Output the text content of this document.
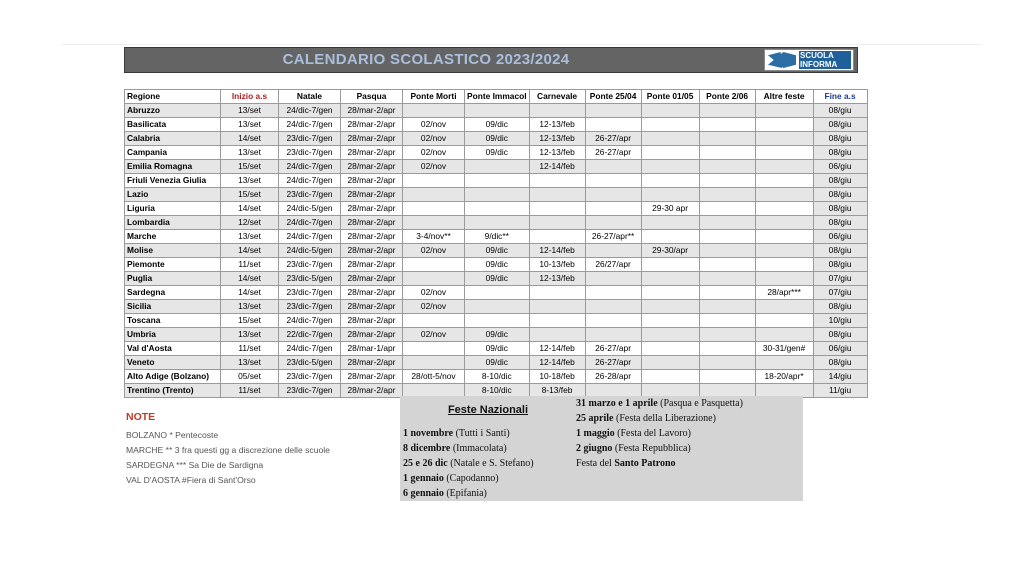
CALENDARIO SCOLASTICO 2023/2024	SCUOLA
INFORMA
Regione	Inizio a.s	Natale	Pasqua	Ponte Morti	Ponte Immacol	Carnevale	Ponte 25/04	Ponte 01/05	Ponte 2/06	Altre feste	Fine a.s
Abruzzo	13/set	24/dic-7/gen	28/mar-2/apr								08/giu
Basilicata	13/set	24/dic-7/gen	28/mar-2/apr	02/nov	09/dic	12-13/feb					08/giu
Calabria	14/set	23/dic-7/gen	28/mar-2/apr	02/nov	09/dic	12-13/feb	26-27/apr				08/giu
Campania	13/set	23/dic-7/gen	28/mar-2/apr	02/nov	09/dic	12-13/feb	26-27/apr				08/giu
Emilia Romagna	15/set	24/dic-7/gen	28/mar-2/apr	02/nov		12-14/feb					06/giu
Friuli Venezia Giulia	13/set	24/dic-7/gen	28/mar-2/apr								08/giu
Lazio	15/set	23/dic-7/gen	28/mar-2/apr								08/giu
Liguria	14/set	24/dic-5/gen	28/mar-2/apr					29-30 apr			08/giu
Lombardia	12/set	24/dic-7/gen	28/mar-2/apr								08/giu
Marche	13/set	24/dic-7/gen	28/mar-2/apr	3-4/nov**	9/dic**		26-27/apr**				06/giu
Molise	14/set	24/dic-5/gen	28/mar-2/apr	02/nov	09/dic	12-14/feb		29-30/apr			08/giu
Piemonte	11/set	23/dic-7/gen	28/mar-2/apr		09/dic	10-13/feb	26/27/apr				08/giu
Puglia	14/set	23/dic-5/gen	28/mar-2/apr		09/dic	12-13/feb					07/giu
Sardegna	14/set	23/dic-7/gen	28/mar-2/apr	02/nov						28/apr***	07/giu
Sicilia	13/set	23/dic-7/gen	28/mar-2/apr	02/nov							08/giu
Toscana	15/set	24/dic-7/gen	28/mar-2/apr								10/giu
Umbria	13/set	22/dic-7/gen	28/mar-2/apr	02/nov	09/dic						08/giu
Val d'Aosta	11/set	24/dic-7/gen	28/mar-1/apr		09/dic	12-14/feb	26-27/apr			30-31/gen#	06/giu
Veneto	13/set	23/dic-5/gen	28/mar-2/apr		09/dic	12-14/feb	26-27/apr				08/giu
Alto Adige (Bolzano)	05/set	23/dic-7/gen	28/mar-2/apr	28/ott-5/nov	8-10/dic	10-18/feb	26-28/apr			18-20/apr*	14/giu
Trentino (Trento)	11/set	23/dic-7/gen	28/mar-2/apr		8-10/dic	8-13/feb					11/giu
NOTE
BOLZANO * Pentecoste
MARCHE ** 3 fra questi gg a discrezione delle scuole
SARDEGNA *** Sa Die de Sardigna
VAL D'AOSTA #Fiera di Sant'Orso
Feste Nazionali
1 novembre (Tutti i Santi)
8 dicembre (Immacolata)
25 e 26 dic (Natale e S. Stefano)
1 gennaio (Capodanno)
6 gennaio (Epifania)
31 marzo e 1 aprile (Pasqua e Pasquetta)
25 aprile (Festa della Liberazione)
1 maggio (Festa del Lavoro)
2 giugno (Festa Repubblica)
Festa del Santo Patrono
